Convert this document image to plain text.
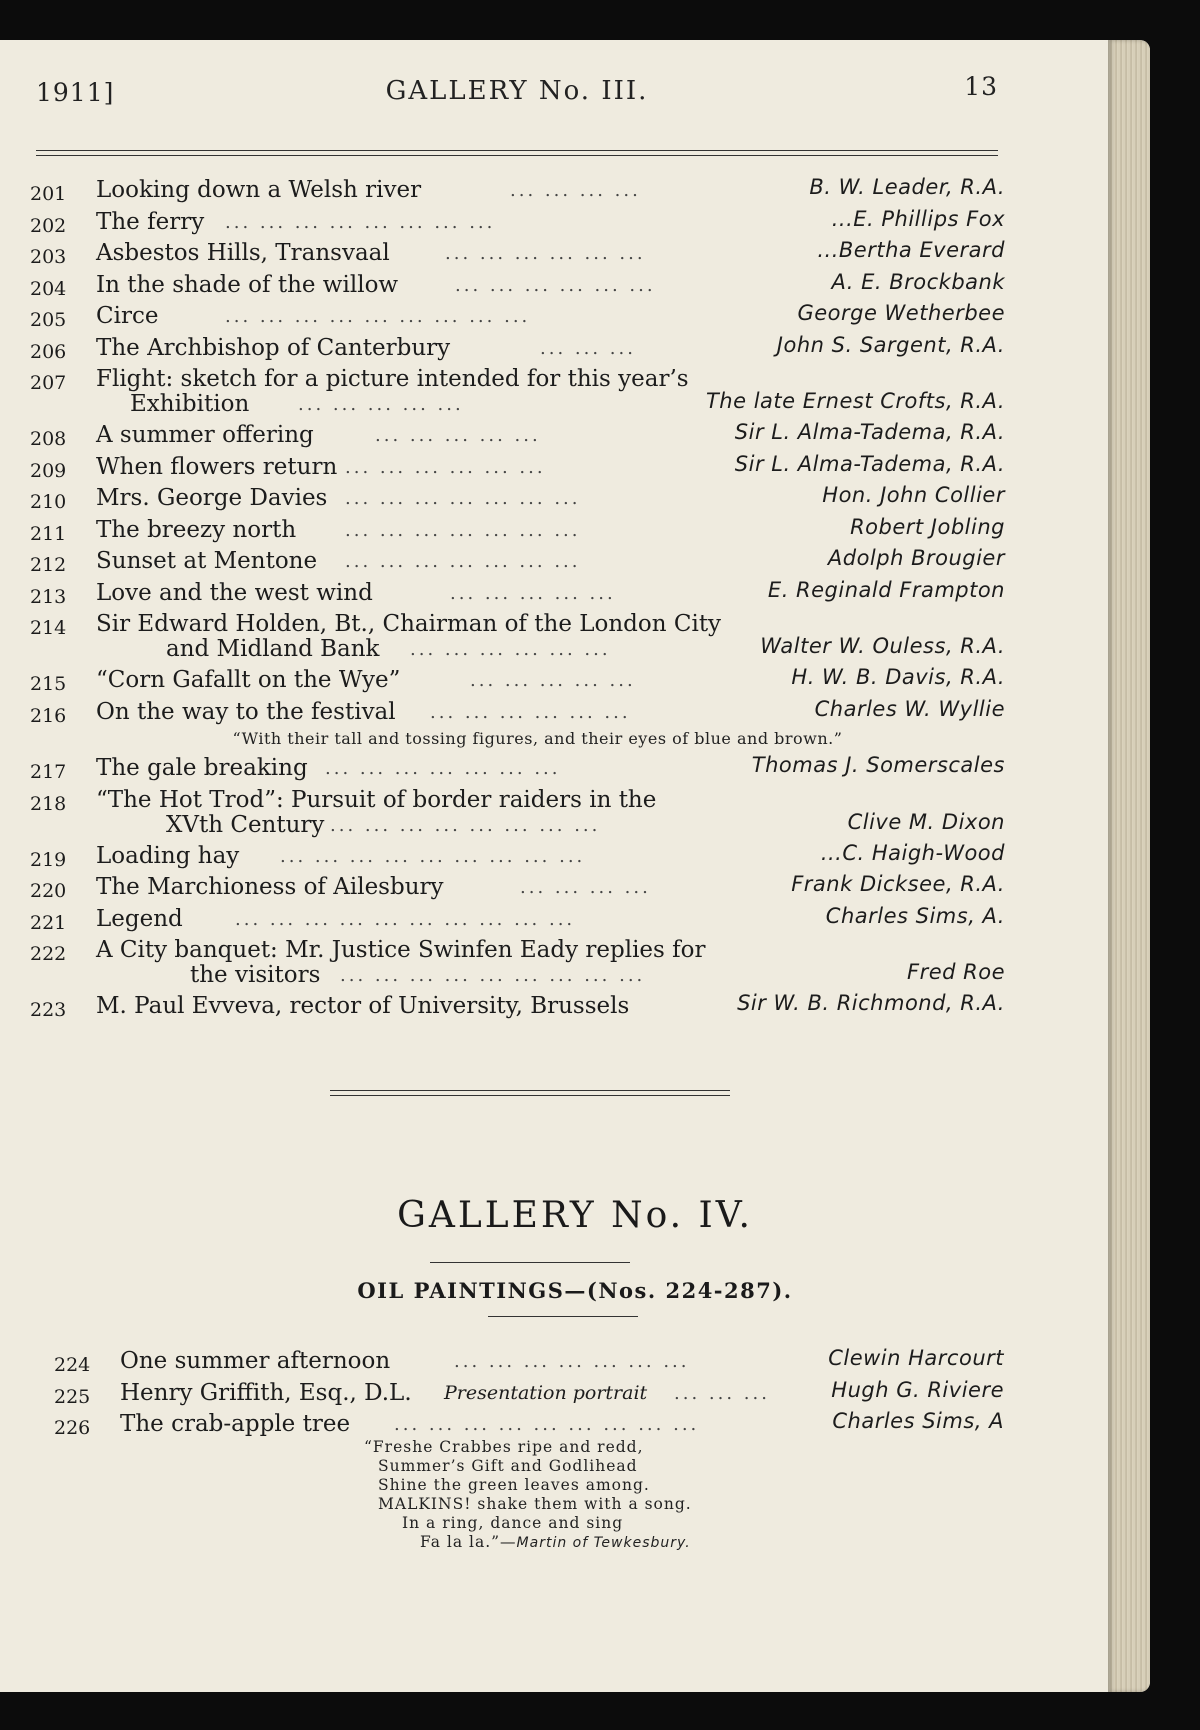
1911]	GALLERY No. III.	13
201	Looking down a Welsh river	... ... ... ...	B. W. Leader, R.A.
202	The ferry	... ... ... ... ... ... ... ...	...E. Phillips Fox
203	Asbestos Hills, Transvaal	... ... ... ... ... ...	...Bertha Everard
204	In the shade of the willow	... ... ... ... ... ...	A. E. Brockbank
205	Circe	... ... ... ... ... ... ... ... ...	George Wetherbee
206	The Archbishop of Canterbury	... ... ...	John S. Sargent, R.A.
207	Flight: sketch for a picture intended for this year’s
Exhibition	... ... ... ... ...	The late Ernest Crofts, R.A.
208	A summer offering	... ... ... ... ...	Sir L. Alma-Tadema, R.A.
209	When flowers return ... ... ... ... ... ...	Sir L. Alma-Tadema, R.A.
210	Mrs. George Davies ... ... ... ... ... ... ...	Hon. John Collier
211	The breezy north	... ... ... ... ... ... ...	Robert Jobling
212	Sunset at Mentone	... ... ... ... ... ... ...	Adolph Brougier
213	Love and the west wind	... ... ... ... ...	E. Reginald Frampton
214	Sir Edward Holden, Bt., Chairman of the London City
and Midland Bank ... ... ... ... ... ...	Walter W. Ouless, R.A.
215	“Corn Gafallt on the Wye”	... ... ... ... ...	H. W. B. Davis, R.A.
216	On the way to the festival	... ... ... ... ... ...	Charles W. Wyllie
“With their tall and tossing figures, and their eyes of blue and brown.”
217	The gale breaking ... ... ... ... ... ... ...	Thomas J. Somerscales
218	“The Hot Trod”: Pursuit of border raiders in the
XVth Century ... ... ... ... ... ... ... ...	Clive M. Dixon
219	Loading hay	... ... ... ... ... ... ... ... ...	...C. Haigh-Wood
220	The Marchioness of Ailesbury	... ... ... ...	Frank Dicksee, R.A.
221	Legend	... ... ... ... ... ... ... ... ... ...	Charles Sims, A.
222	A City banquet: Mr. Justice Swinfen Eady replies for
the visitors ... ... ... ... ... ... ... ... ...	Fred Roe
223	M. Paul Evveva, rector of University, Brussels	Sir W. B. Richmond, R.A.
GALLERY No. IV.
OIL PAINTINGS—(Nos. 224-287).
224	One summer afternoon	... ... ... ... ... ... ...	Clewin Harcourt
225	Henry Griffith, Esq., D.L.	Presentation portrait ... ... ...	Hugh G. Riviere
226	The crab-apple tree	... ... ... ... ... ... ... ... ...	Charles Sims, A
“Freshe Crabbes ripe and redd,
Summer’s Gift and Godlihead
Shine the green leaves among.
MALKINS! shake them with a song.
In a ring, dance and sing
Fa la la.”—Martin of Tewkesbury.
